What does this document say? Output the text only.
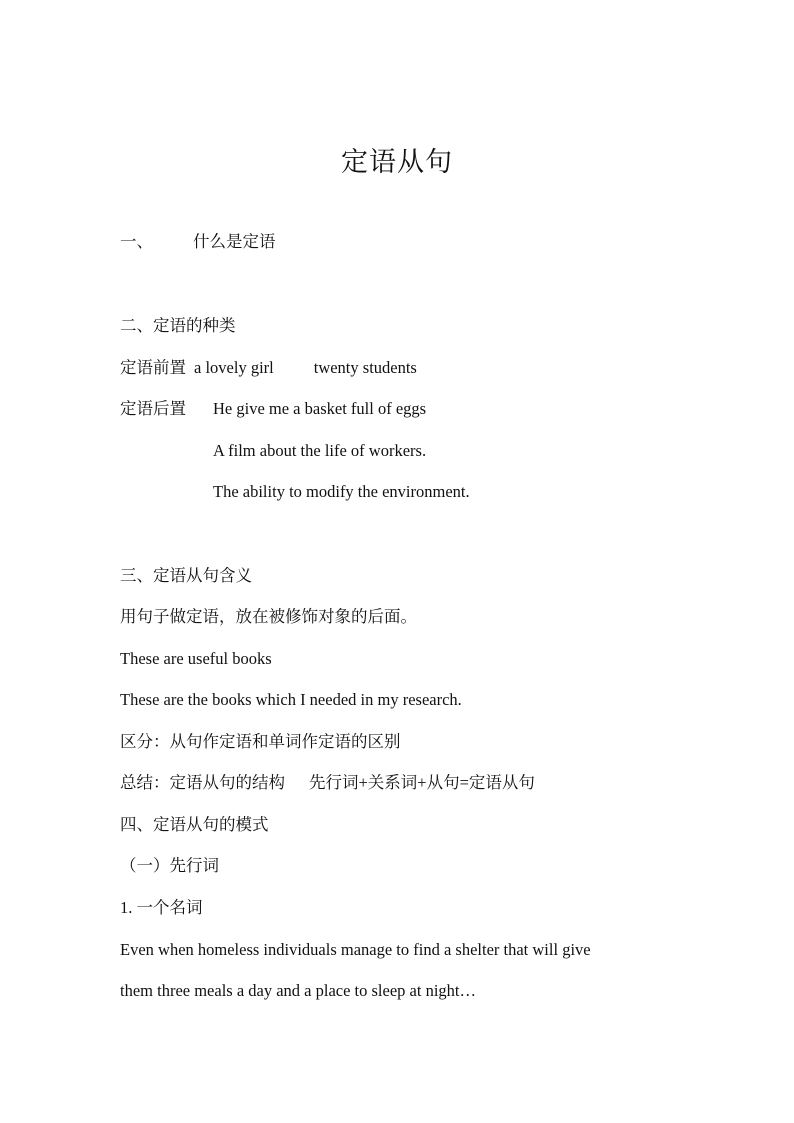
定语从句
一、 什么是定语
二、定语的种类
定语前置 a lovely girl twenty students
定语后置 He give me a basket full of eggs
A film about the life of workers.
The ability to modify the environment.
三、定语从句含义
用句子做定语，放在被修饰对象的后面。
These are useful books
These are the books which I needed in my research.
区分：从句作定语和单词作定语的区别
总结：定语从句的结构 先行词+关系词+从句=定语从句
四、定语从句的模式
（一）先行词
1. 一个名词
Even when homeless individuals manage to find a shelter that will give
them three meals a day and a place to sleep at night…
